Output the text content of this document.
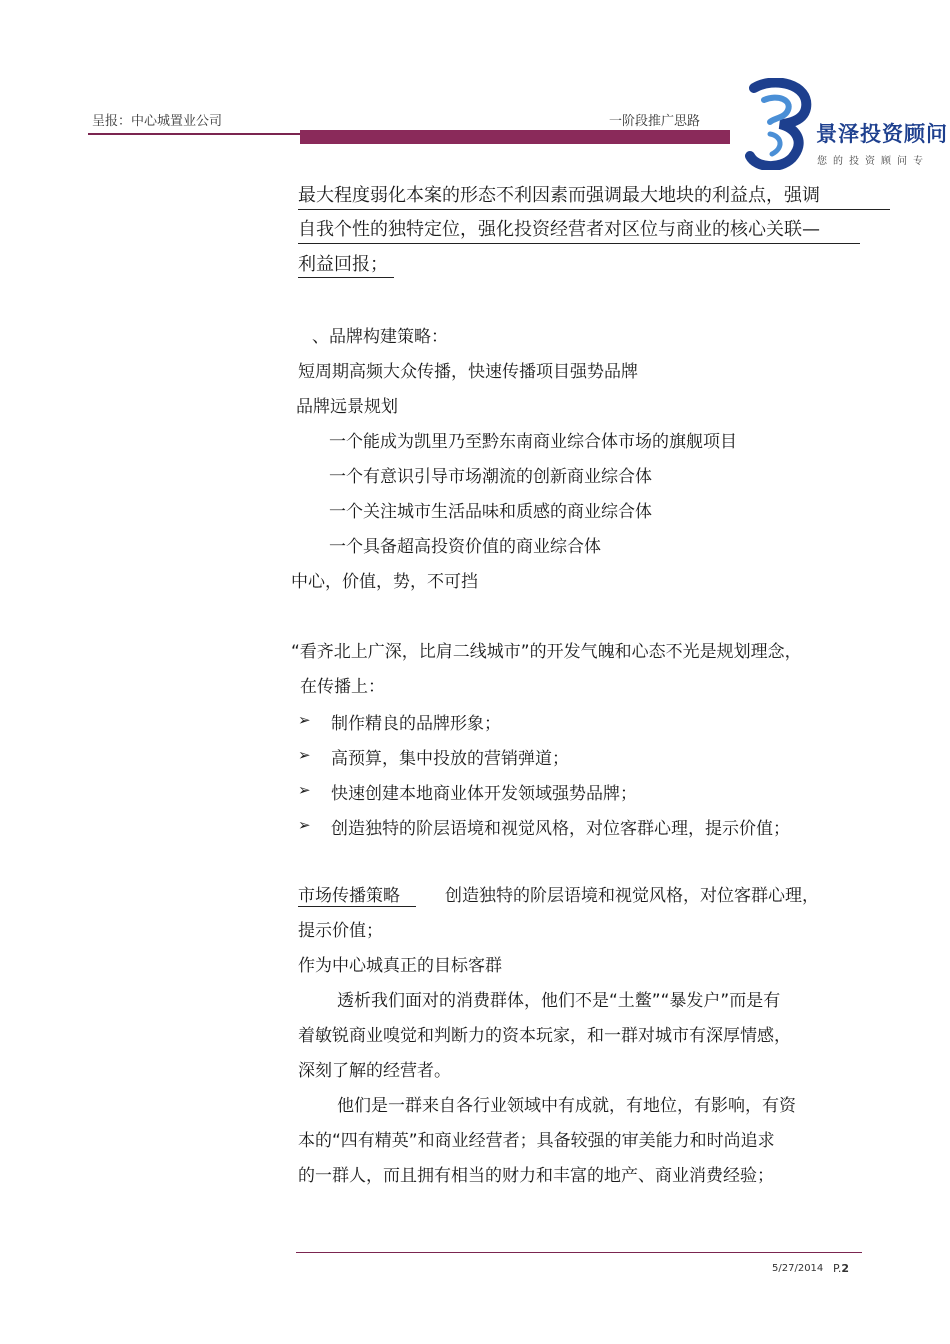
呈报：中心城置业公司	一阶段推广思路
景泽投资顾问
您的投资顾问专
最大程度弱化本案的形态不利因素而强调最大地块的利益点，强调
自我个性的独特定位，强化投资经营者对区位与商业的核心关联—
利益回报；
、品牌构建策略：
短周期高频大众传播，快速传播项目强势品牌
品牌远景规划
一个能成为凯里乃至黔东南商业综合体市场的旗舰项目
一个有意识引导市场潮流的创新商业综合体
一个关注城市生活品味和质感的商业综合体
一个具备超高投资价值的商业综合体
中心，价值，势，不可挡
“看齐北上广深，比肩二线城市”的开发气魄和心态不光是规划理念，
在传播上：
➢ 制作精良的品牌形象；
➢ 高预算，集中投放的营销弹道；
➢ 快速创建本地商业体开发领域强势品牌；
➢ 创造独特的阶层语境和视觉风格，对位客群心理，提示价值；
市场传播策略	创造独特的阶层语境和视觉风格，对位客群心理，
提示价值；
作为中心城真正的目标客群
透析我们面对的消费群体，他们不是“土鳖”“暴发户”而是有
着敏锐商业嗅觉和判断力的资本玩家，和一群对城市有深厚情感，
深刻了解的经营者。
他们是一群来自各行业领域中有成就，有地位，有影响，有资
本的“四有精英”和商业经营者；具备较强的审美能力和时尚追求
的一群人，而且拥有相当的财力和丰富的地产、商业消费经验；
5/27/2014 P.2
